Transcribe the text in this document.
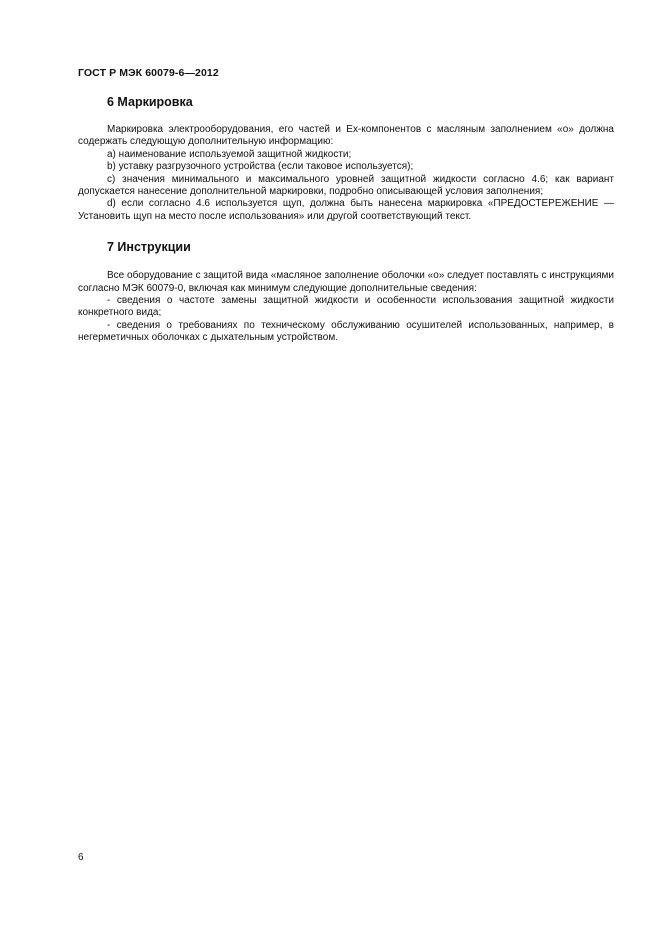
ГОСТ Р МЭК 60079-6—2012
6 Маркировка

Маркировка электрооборудования, его частей и Ex-компонентов с масляным заполнением «о» должна содержать следующую дополнительную информацию:

a) наименование используемой защитной жидкости;

b) уставку разгрузочного устройства (если таковое используется);

c) значения минимального и максимального уровней защитной жидкости согласно 4.6; как вариант допускается нанесение дополнительной маркировки, подробно описывающей условия заполнения;

d) если согласно 4.6 используется щуп, должна быть нанесена маркировка «ПРЕДОСТЕРЕЖЕНИЕ — Установить щуп на место после использования» или другой соответствующий текст.

7 Инструкции

Все оборудование с защитой вида «масляное заполнение оболочки «о» следует поставлять с инструкциями согласно МЭК 60079-0, включая как минимум следующие дополнительные сведения:

- сведения о частоте замены защитной жидкости и особенности использования защитной жидкости конкретного вида;

- сведения о требованиях по техническому обслуживанию осушителей использованных, например, в негерметичных оболочках с дыхательным устройством.

6
